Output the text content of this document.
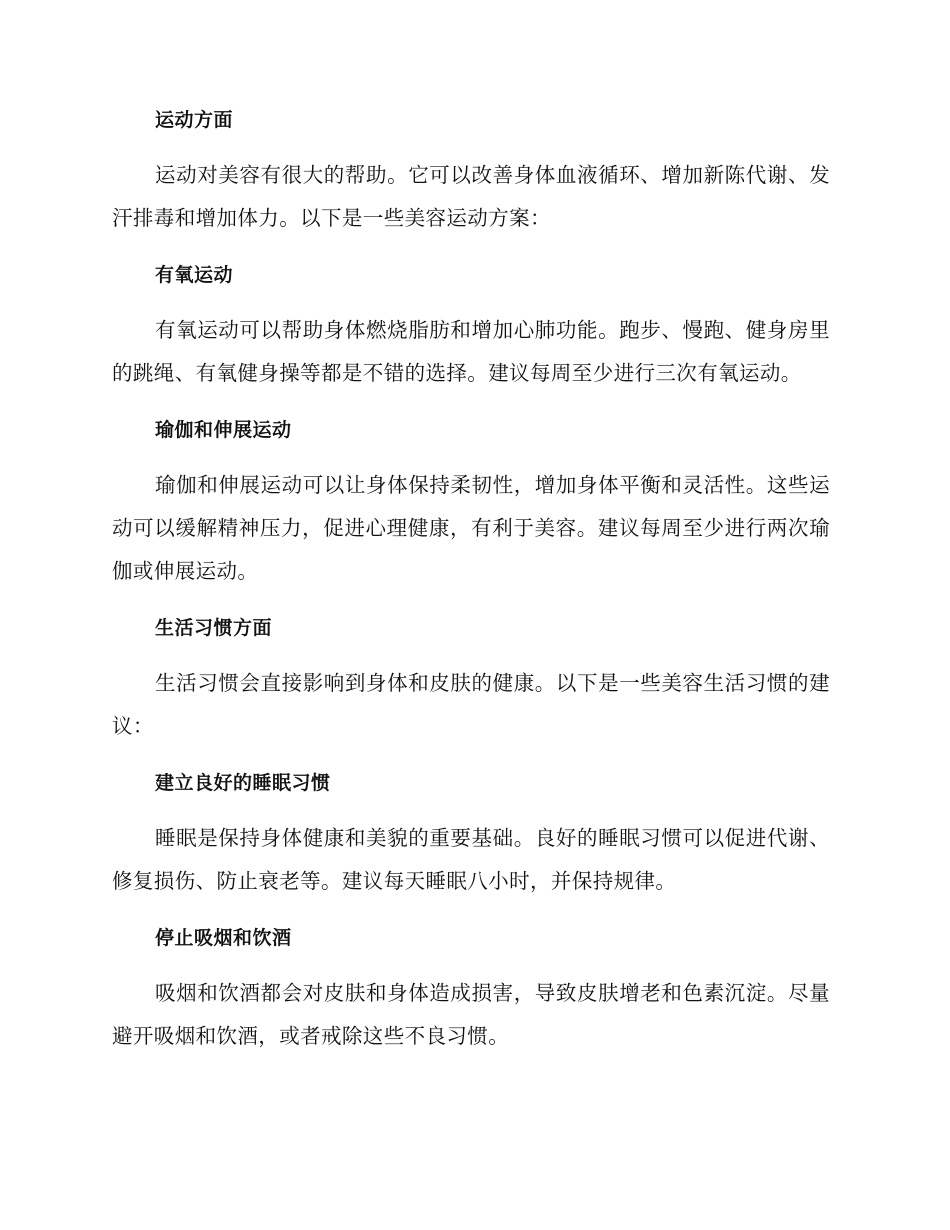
运动方面
运动对美容有很大的帮助。它可以改善身体血液循环、增加新陈代谢、发汗排毒和增加体力。以下是一些美容运动方案：
有氧运动
有氧运动可以帮助身体燃烧脂肪和增加心肺功能。跑步、慢跑、健身房里的跳绳、有氧健身操等都是不错的选择。建议每周至少进行三次有氧运动。
瑜伽和伸展运动
瑜伽和伸展运动可以让身体保持柔韧性，增加身体平衡和灵活性。这些运动可以缓解精神压力，促进心理健康，有利于美容。建议每周至少进行两次瑜伽或伸展运动。
生活习惯方面
生活习惯会直接影响到身体和皮肤的健康。以下是一些美容生活习惯的建议：
建立良好的睡眠习惯
睡眠是保持身体健康和美貌的重要基础。良好的睡眠习惯可以促进代谢、修复损伤、防止衰老等。建议每天睡眠八小时，并保持规律。
停止吸烟和饮酒
吸烟和饮酒都会对皮肤和身体造成损害，导致皮肤增老和色素沉淀。尽量避开吸烟和饮酒，或者戒除这些不良习惯。
